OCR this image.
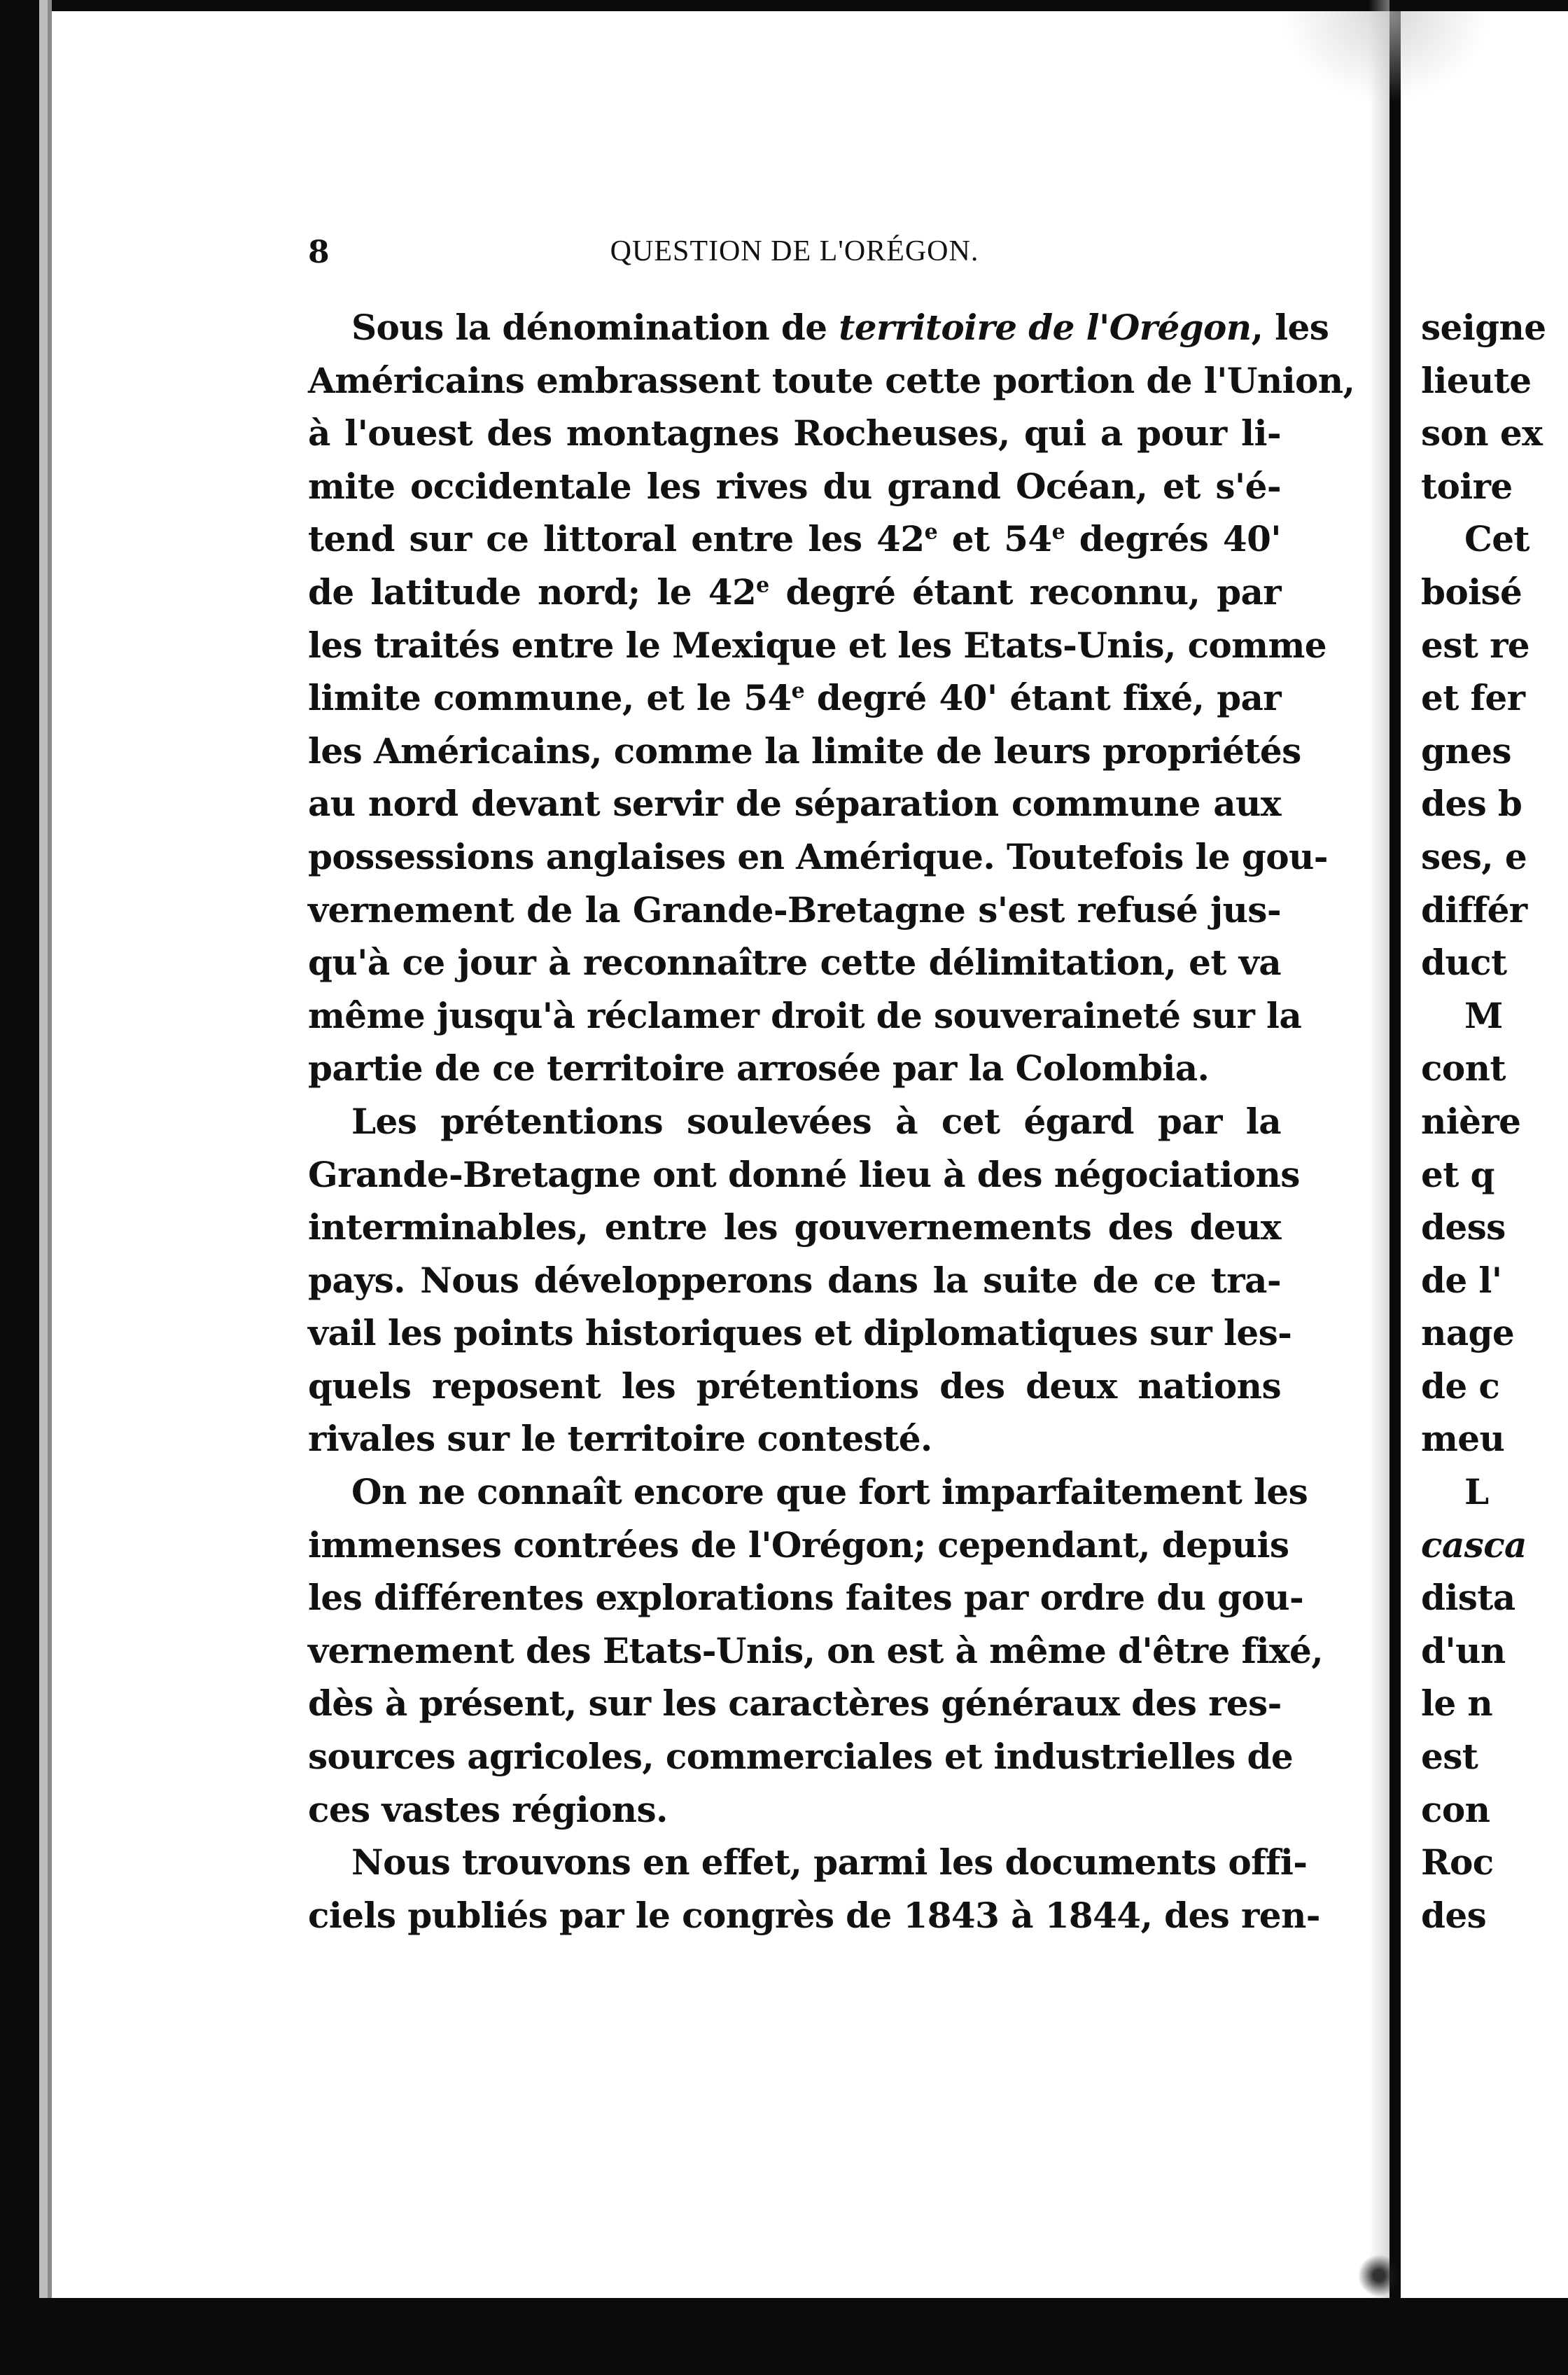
8	QUESTION DE L'ORÉGON.
Sous la dénomination de territoire de l'Orégon, les
Américains embrassent toute cette portion de l'Union,
à l'ouest des montagnes Rocheuses, qui a pour li-
mite occidentale les rives du grand Océan, et s'é-
tend sur ce littoral entre les 42e et 54e degrés 40'
de latitude nord; le 42e degré étant reconnu, par
les traités entre le Mexique et les Etats-Unis, comme
limite commune, et le 54e degré 40' étant fixé, par
les Américains, comme la limite de leurs propriétés
au nord devant servir de séparation commune aux
possessions anglaises en Amérique. Toutefois le gou-
vernement de la Grande-Bretagne s'est refusé jus-
qu'à ce jour à reconnaître cette délimitation, et va
même jusqu'à réclamer droit de souveraineté sur la
partie de ce territoire arrosée par la Colombia.
Les prétentions soulevées à cet égard par la
Grande-Bretagne ont donné lieu à des négociations
interminables, entre les gouvernements des deux
pays. Nous développerons dans la suite de ce tra-
vail les points historiques et diplomatiques sur les-
quels reposent les prétentions des deux nations
rivales sur le territoire contesté.
On ne connaît encore que fort imparfaitement les
immenses contrées de l'Orégon; cependant, depuis
les différentes explorations faites par ordre du gou-
vernement des Etats-Unis, on est à même d'être fixé,
dès à présent, sur les caractères généraux des res-
sources agricoles, commerciales et industrielles de
ces vastes régions.
Nous trouvons en effet, parmi les documents offi-
ciels publiés par le congrès de 1843 à 1844, des ren-
seigne
lieute
son ex
toire
Cet
boisé
est re
et fer
gnes
des b
ses, e
différ
duct
M
cont
nière
et q
dess
de l'
nage
de c
meu
L
casca
dista
d'un
le n
est
con
Roc
des
